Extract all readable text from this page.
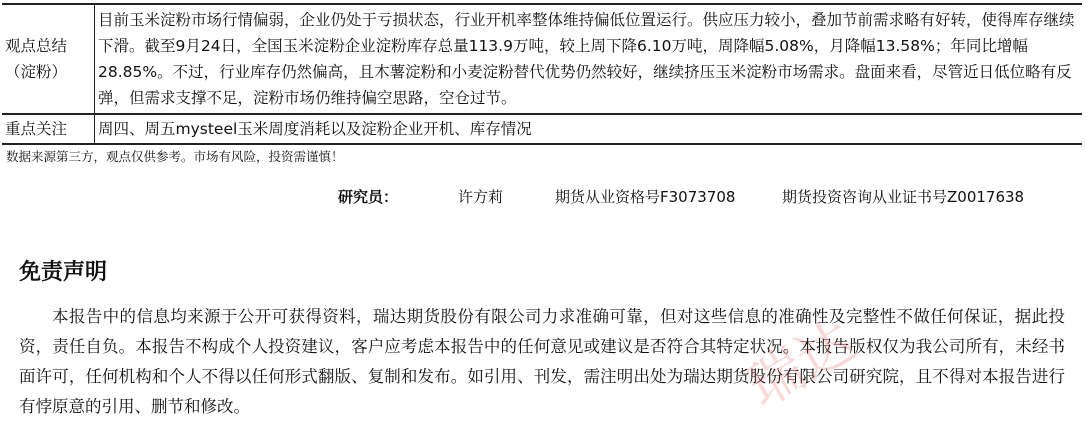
观点总结（淀粉）	目前玉米淀粉市场行情偏弱，企业仍处于亏损状态，行业开机率整体维持偏低位置运行。供应压力较小，叠加节前需求略有好转，使得库存继续下滑。截至9月24日，全国玉米淀粉企业淀粉库存总量113.9万吨，较上周下降6.10万吨，周降幅5.08%，月降幅13.58%；年同比增幅28.85%。不过，行业库存仍然偏高，且木薯淀粉和小麦淀粉替代优势仍然较好，继续挤压玉米淀粉市场需求。盘面来看，尽管近日低位略有反弹，但需求支撑不足，淀粉市场仍维持偏空思路，空仓过节。

重点关注	周四、周五mysteel玉米周度消耗以及淀粉企业开机、库存情况
数据来源第三方，观点仅供参考。市场有风险，投资需谨慎！
研究员：	许方莉	期货从业资格号F3073708	期货投资咨询从业证书号Z0017638
免责声明
本报告中的信息均来源于公开可获得资料，瑞达期货股份有限公司力求准确可靠，但对这些信息的准确性及完整性不做任何保证，据此投资，责任自负。本报告不构成个人投资建议，客户应考虑本报告中的任何意见或建议是否符合其特定状况。本报告版权仅为我公司所有，未经书面许可，任何机构和个人不得以任何形式翻版、复制和发布。如引用、刊发，需注明出处为瑞达期货股份有限公司研究院，且不得对本报告进行有悖原意的引用、删节和修改。	瑞达
